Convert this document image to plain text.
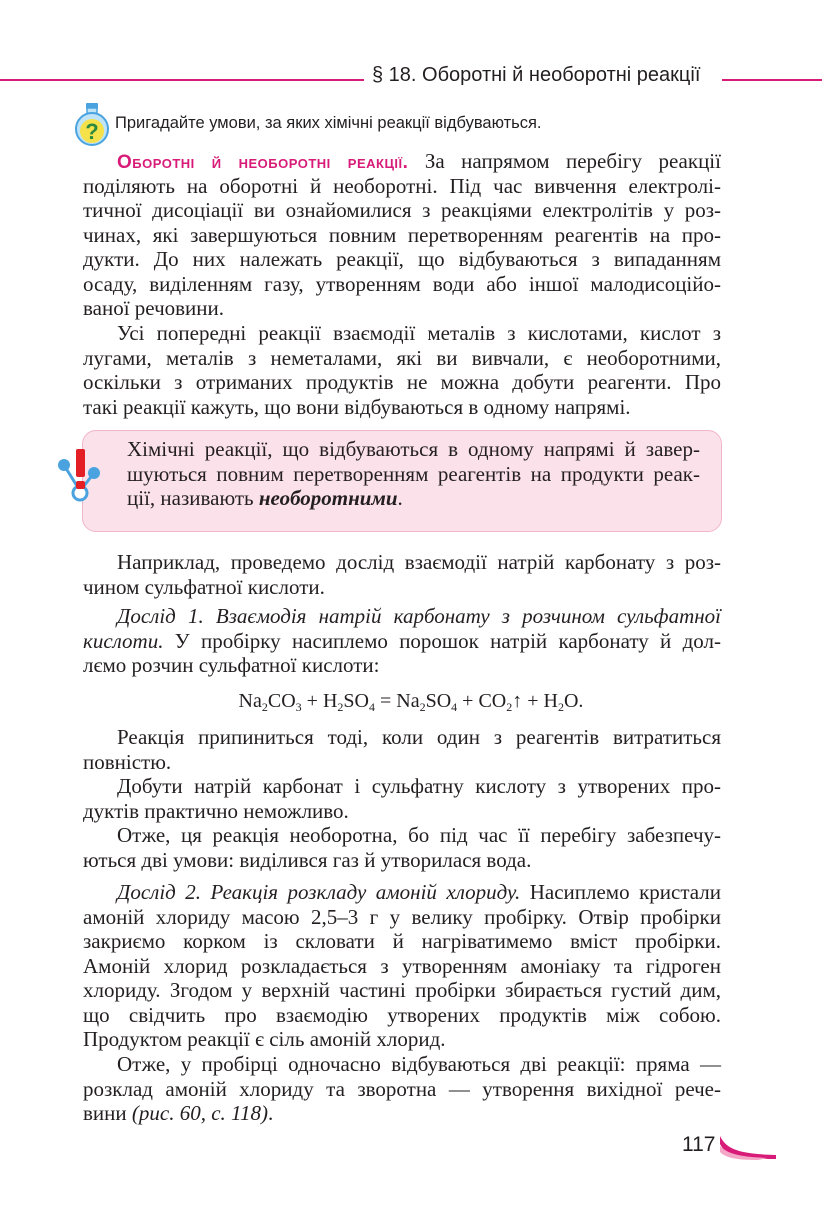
§ 18. Оборотні й необоротні реакції
? Пригадайте умови, за яких хімічні реакції відбуваються.
Оборотні й необоротні реакції. За напрямом перебігу реакції
поділяють на оборотні й необоротні. Під час вивчення електролі-
тичної дисоціації ви ознайомилися з реакціями електролітів у роз-
чинах, які завершуються повним перетворенням реагентів на про-
дукти. До них належать реакції, що відбуваються з випаданням
осаду, виділенням газу, утворенням води або іншої малодисоційо-
ваної речовини.
Усі попередні реакції взаємодії металів з кислотами, кислот з
лугами, металів з неметалами, які ви вивчали, є необоротними,
оскільки з отриманих продуктів не можна добути реагенти. Про
такі реакції кажуть, що вони відбуваються в одному напрямі.
Хімічні реакції, що відбуваються в одному напрямі й завер-
шуються повним перетворенням реагентів на продукти реак-
ції, називають необоротними.
Наприклад, проведемо дослід взаємодії натрій карбонату з роз-
чином сульфатної кислоти.
Дослід 1. Взаємодія натрій карбонату з розчином сульфатної
кислоти. У пробірку насиплемо порошок натрій карбонату й дол-
лємо розчин сульфатної кислоти:
$Na_2CO_3 + H_2SO_4 = Na_2SO_4$ + $CO_2↑ + H_2O$.
Реакція припиниться тоді, коли один з реагентів витратиться
повністю.
Добути натрій карбонат і сульфатну кислоту з утворених про-
дуктів практично неможливо.
Отже, ця реакція необоротна, бо під час її перебігу забезпечу-
ються дві умови: виділився газ й утворилася вода.
Дослід 2. Реакція розкладу амоній хлориду. Насиплемо кристали
амоній хлориду масою 2,5–3 г у велику пробірку. Отвір пробірки
закриємо корком із скловати й нагріватимемо вміст пробірки.
Амоній хлорид розкладається з утворенням амоніаку та гідроген
хлориду. Згодом у верхній частині пробірки збирається густий дим,
що свідчить про взаємодію утворених продуктів між собою.
Продуктом реакції є сіль амоній хлорид.
Отже, у пробірці одночасно відбуваються дві реакції: пряма —
розклад амоній хлориду та зворотна — утворення вихідної рече-
вини (рис. 60, с. 118).
117
